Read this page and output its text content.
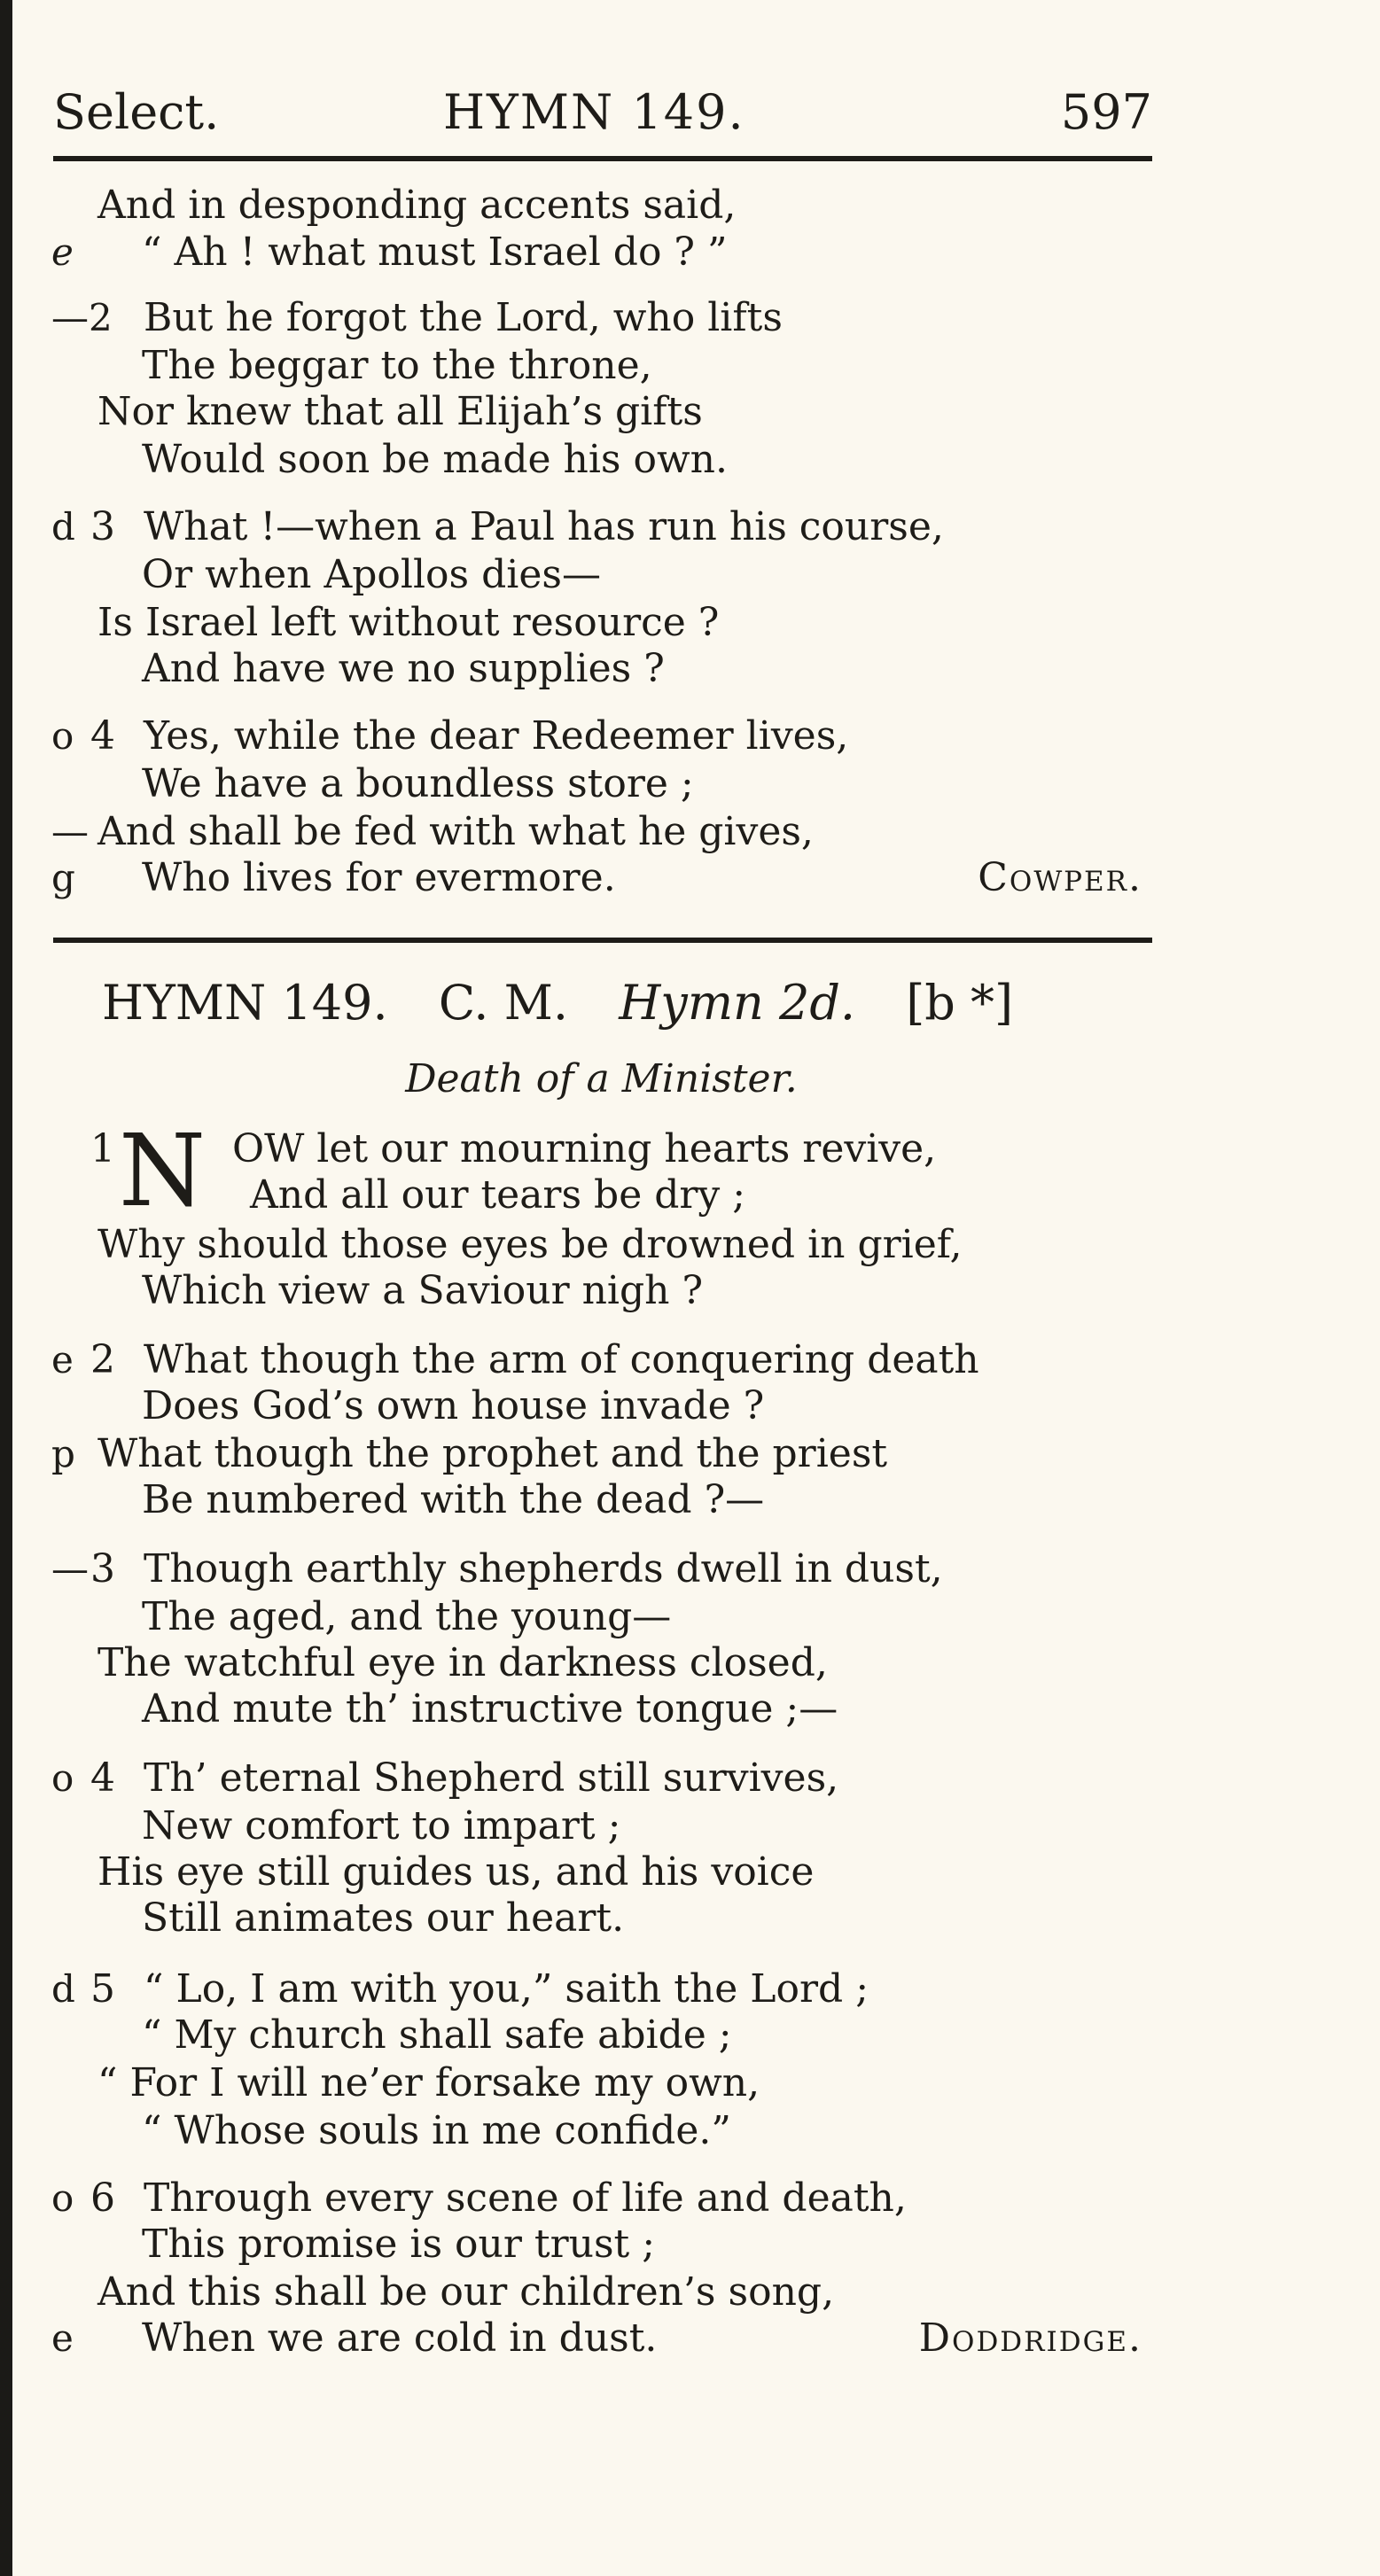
Select.	HYMN 149.	597
And in desponding accents said,
e “ Ah ! what must Israel do ? ”
—2 But he forgot the Lord, who lifts
The beggar to the throne,
Nor knew that all Elijah’s gifts
Would soon be made his own.
d 3 What !—when a Paul has run his course,
Or when Apollos dies—
Is Israel left without resource ?
And have we no supplies ?
o 4 Yes, while the dear Redeemer lives,
We have a boundless store ;
— And shall be fed with what he gives,
g Who lives for evermore.	Cowper.
HYMN 149. C. M. Hymn 2d. [b *]
Death of a Minister.
N
1	OW let our mourning hearts revive,
And all our tears be dry ;
Why should those eyes be drowned in grief,
Which view a Saviour nigh ?
e 2 What though the arm of conquering death
Does God’s own house invade ?
p What though the prophet and the priest
Be numbered with the dead ?—
— 3 Though earthly shepherds dwell in dust,
The aged, and the young—
The watchful eye in darkness closed,
And mute th’ instructive tongue ;—
o 4 Th’ eternal Shepherd still survives,
New comfort to impart ;
His eye still guides us, and his voice
Still animates our heart.
d 5 “ Lo, I am with you,” saith the Lord ;
“ My church shall safe abide ;
“ For I will ne’er forsake my own,
“ Whose souls in me confide.”
o 6 Through every scene of life and death,
This promise is our trust ;
And this shall be our children’s song,
e When we are cold in dust.	Doddridge.
